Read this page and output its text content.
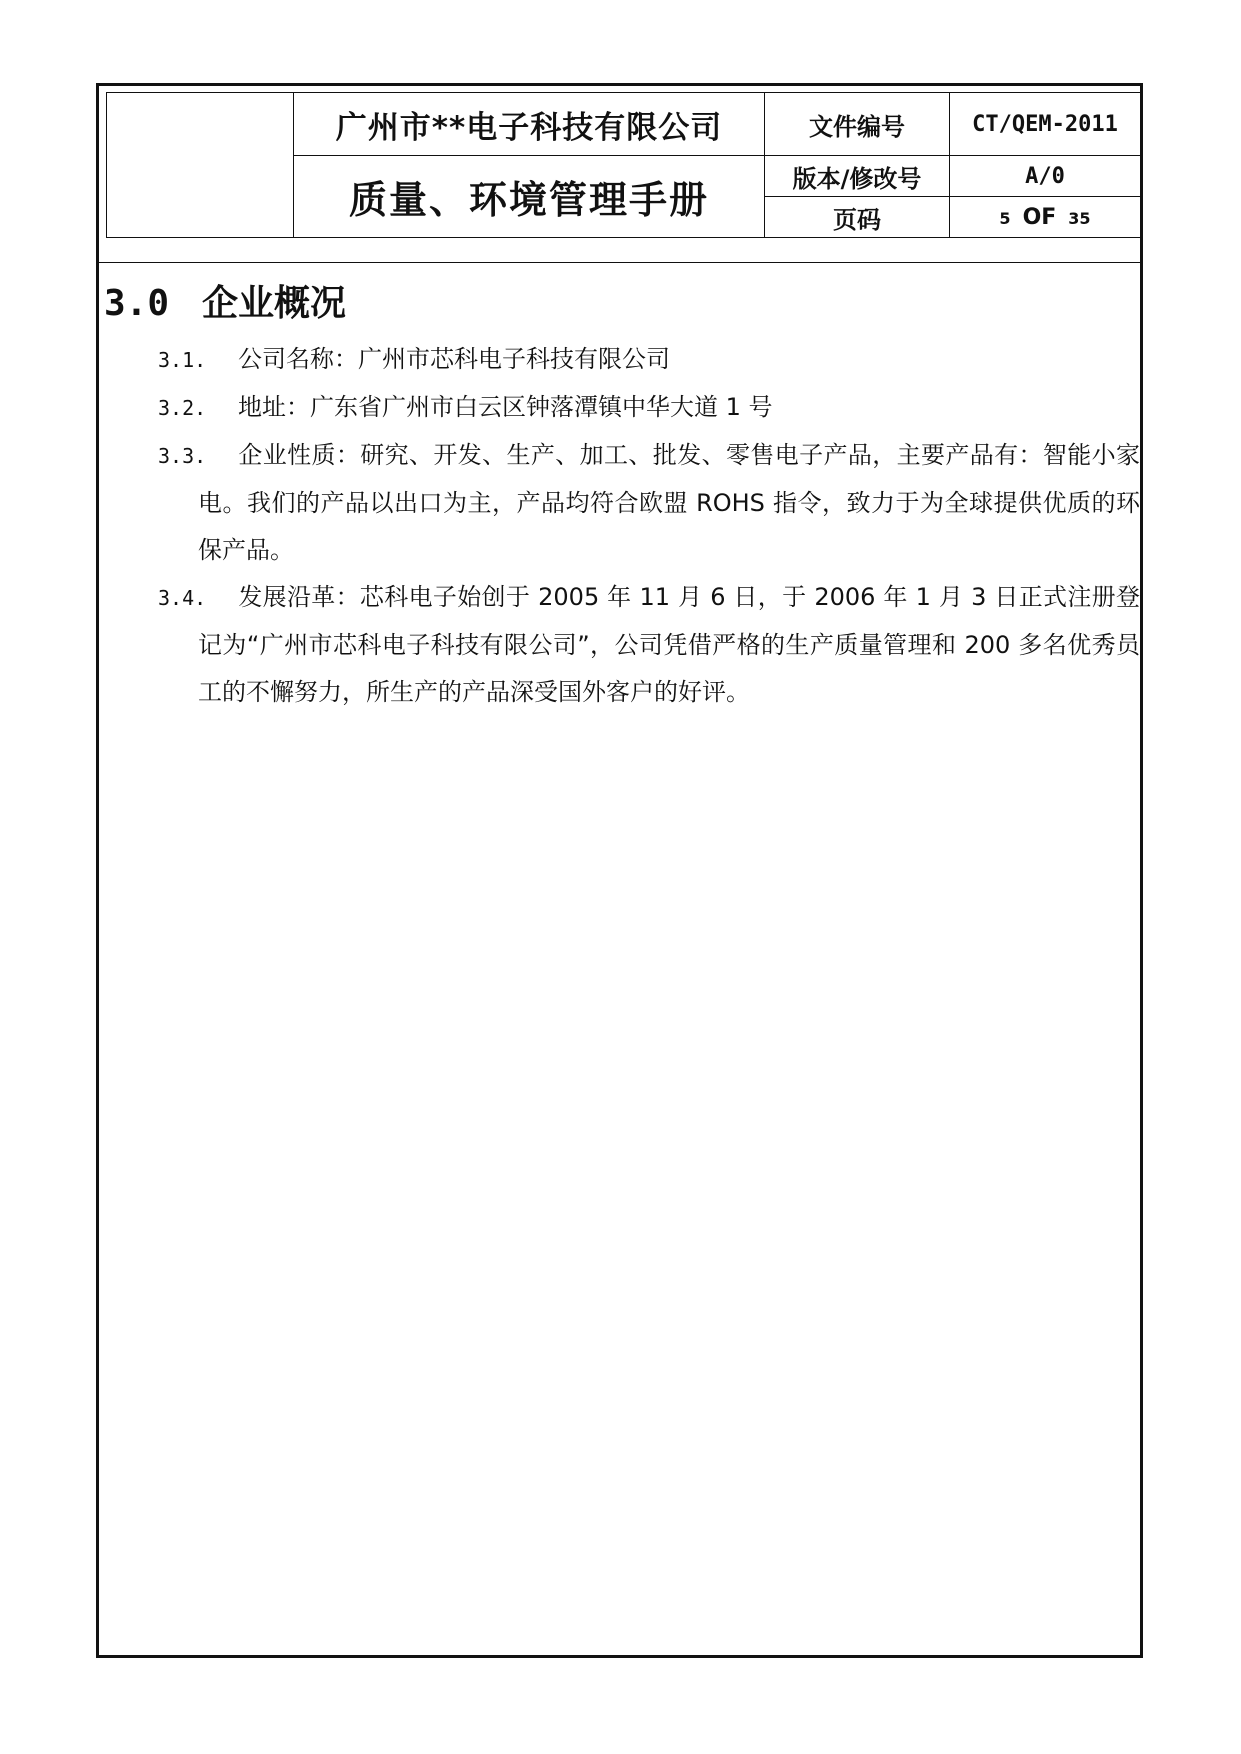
	广州市**电子科技有限公司	文件编号	CT/QEM-2011
	质量、环境管理手册	版本/修改号	A/0
		页码	5 OF 35
3.0 企业概况

3.1. 公司名称：广州市芯科电子科技有限公司

3.2. 地址：广东省广州市白云区钟落潭镇中华大道 1 号

3.3. 企业性质：研究、开发、生产、加工、批发、零售电子产品，主要产品有：智能小家电。我们的产品以出口为主，产品均符合欧盟 ROHS 指令，致力于为全球提供优质的环保产品。

3.4. 发展沿革：芯科电子始创于 2005 年 11 月 6 日，于 2006 年 1 月 3 日正式注册登记为“广州市芯科电子科技有限公司”，公司凭借严格的生产质量管理和 200 多名优秀员工的不懈努力，所生产的产品深受国外客户的好评。
